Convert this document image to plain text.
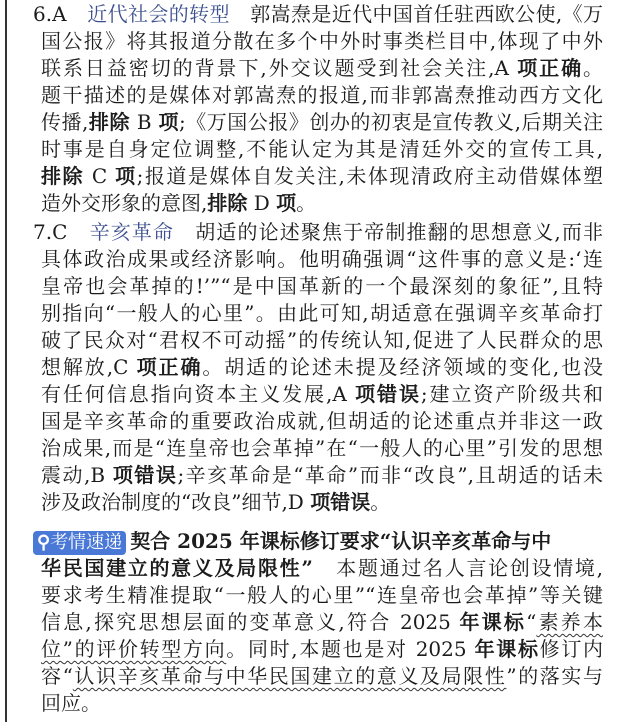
6.A　近代社会的转型　郭嵩焘是近代中国首任驻西欧公使,《万
国公报》将其报道分散在多个中外时事类栏目中,体现了中外
联系日益密切的背景下,外交议题受到社会关注,A 项正确。
题干描述的是媒体对郭嵩焘的报道,而非郭嵩焘推动西方文化
传播,排除 B 项;《万国公报》创办的初衷是宣传教义,后期关注
时事是自身定位调整,不能认定为其是清廷外交的宣传工具,
排除 C 项;报道是媒体自发关注,未体现清政府主动借媒体塑
造外交形象的意图,排除 D 项。
7.C　辛亥革命　胡适的论述聚焦于帝制推翻的思想意义,而非
具体政治成果或经济影响。他明确强调“这件事的意义是:‘连
皇帝也会革掉的!’”“是中国革新的一个最深刻的象征”,且特
别指向“一般人的心里”。由此可知,胡适意在强调辛亥革命打
破了民众对“君权不可动摇”的传统认知,促进了人民群众的思
想解放,C 项正确。胡适的论述未提及经济领域的变化,也没
有任何信息指向资本主义发展,A 项错误;建立资产阶级共和
国是辛亥革命的重要政治成就,但胡适的论述重点并非这一政
治成果,而是“连皇帝也会革掉”在“一般人的心里”引发的思想
震动,B 项错误;辛亥革命是“革命”而非“改良”,且胡适的话未
涉及政治制度的“改良”细节,D 项错误。
⚲考情速递 契合 2025 年课标修订要求“认识辛亥革命与中
华民国建立的意义及局限性”　本题通过名人言论创设情境,
要求考生精准提取“一般人的心里”“连皇帝也会革掉”等关键
信息,探究思想层面的变革意义,符合 2025 年课标“素养本
位”的评价转型方向。同时,本题也是对 2025 年课标修订内
容“认识辛亥革命与中华民国建立的意义及局限性”的落实与
回应。
